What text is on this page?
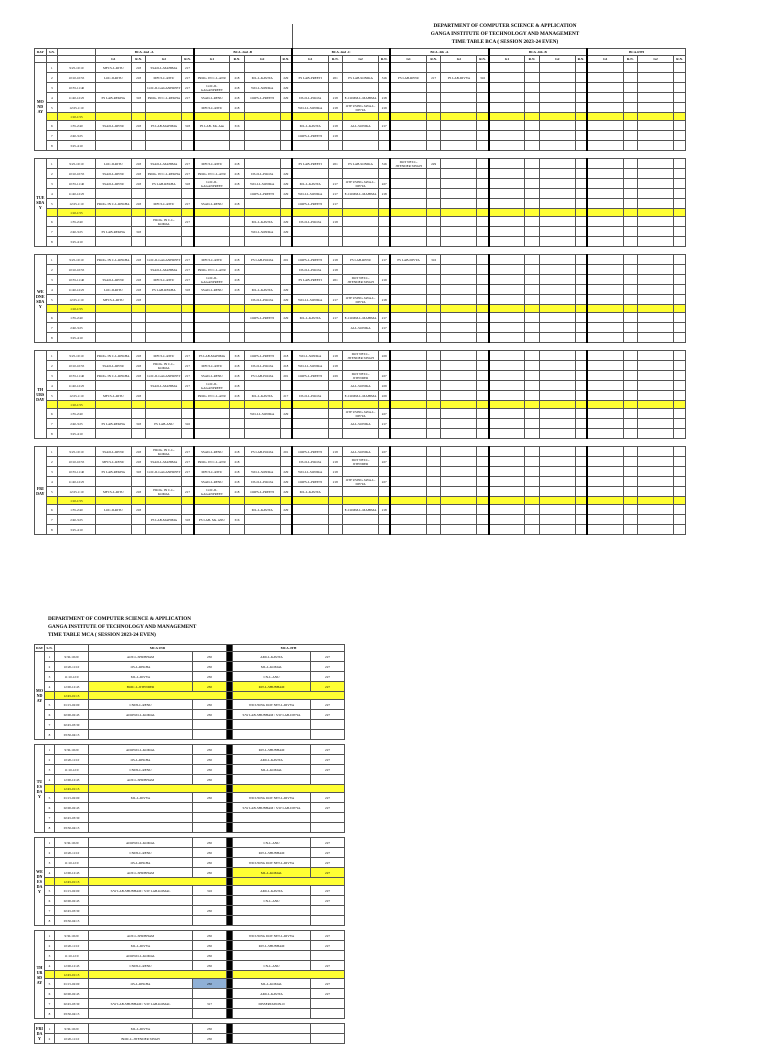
DEPARTMENT OF COMPUTER SCIENCE & APPLICATION
GANGA INSTITUTE OF TECHNOLOGY AND MANAGEMENT
TIME TABLE BCA ( SESSION 2023-24 EVEN)
DAY	S.N.		BCA -2nd -A				BCA -2nd -B				BCA -2nd -C				BCA -4th -A				BCA -4th -B				BCA-6TH			
			G1	R.N.	G2	R.N.	G1	R.N.	G2	R.N.	G1	R.N.	G2	R.N.	G1	R.N.	G2	R.N.	G1	R.N.	G2	R.N.	G1	R.N.	G2	R.N.
MONDAY	1	9:25-10:10	MFCS-I.-RITU	218	SSAD-L-MAHIMA	217																				
	2	10:10-10:55	LOC-II-RITU	218	MFCS-L-RITU	217	PROG. IN C-L-ANU	218	ML-L-KAVITA	229	PS LAB-PREETI	201	PS LAB-SONIKA	316	PS LAB-RENU	217	PS LAB-DIVYA	316								
	3	10:55-11:40			LOC-II-GAGANPREET	217	LOC-II-GAGANPREET	218	WD-L-SONIKA	229																
	4	11:40-12:25	PS LAB-REKHA	318	PROG. IN C-L-REKHA	217	SSAD-L-RENU	218	OOPS-L-PREETI	229	DS-II-L-POOJA	218	E-COMM-L-MAHIMA	218												
	5	12:25-1:10					MFCS-L-RITU	218			WD-LL-SONIKA	218	OTP USING JAVA-L-DIVYA	219												
		1:10-1:55																								
	6	1:55-2:40	SSAD-L-RENU	218	PS LAB-MAHIMA	318	PS LAB- Ms. Anu	316			ML-L-KAVITA	218	AI-L-SONIKA	217												
	7	2:40-3:25									OOPS-L-PREETI	218														
	8	3:25-4:10																								

TUESDAY	1	9:25-10:10	LOC-II-RITU	218	SSAD-L-MAHIMA	217	MFCS-L-RITU	218			PS LAB-PREETI	201	PS LAB-SONIKA	316	DOT NET-L-JITENDER SINGH	229										
	2	10:10-10:55	SSAD-L-RENU	218	PROG. IN C-L-REKHA	217	PROG. IN C-L-ANU	218	DS-II-L-POOJA	229																
	3	10:55-11:40	SSAD-L-RENU	218	PS LAB-REKHA	318	LOC-II-GAGANPREET	218	WD-LL-SONIKA	229	ML-L-KAVITA	217	OTP USING JAVA-L-DIVYA	227												
	4	11:40-12:25							OOPS-L-PREETI	229	WD-LL-SONIKA	217	E-COMM-L-MAHIMA	218												
	5	12:25-1:10	PROG. IN C-L-REKHA	218	MFCS-L-RITU	217	SSAD-L-RENU	218			OOPS-L-PREETI	217														
		1:10-1:55																								
	6	1:55-2:40			PROG. IN C-L-KOMAL	217			ML-L-KAVITA	229	DS-II-L-POOJA	218														
	7	2:40-3:25	PS LAB-REKHA	318					WD-L-SONIKA	229																
	8	3:25-4:10																								

WEDNESDAY	1	9:25-10:10	PROG. IN C-L-REKHA	218	LOC-II-GAGANPREET	217	MFCS-L-RITU	218	PS LAB-POOJA	201	OOPS-L-PREETI	218	PS LAB-RENU	217	PS LAB-DIVYA	316										
	2	10:10-10:55			SSAD-L-MAHIMA	217	PROG. IN C-L-ANU	218			DS-II-L-POOJA	218														
	3	10:55-11:40	SSAD-L-RENU	218	MFCS-L-RITU	217	LOC-II-GAGANPREET	218			PS LAB-PREETI	201	DOT NET-L-JITENDER SINGH	219												
	4	11:40-12:25	LOC-II-RITU	218	PS LAB-REKHA	318	SSAD-L-RENU	218	ML-L-KAVITA	229																
	5	12:25-1:10	MFCS-L-RITU	218					DS-II-L-POOJA	229	WD-LL-SONIKA	217	OTP USING JAVA-L-DIVYA	218												
		1:10-1:55																								
	6	1:55-2:40							OOPS-L-PREETI	229	ML-L-KAVITA	217	E-COMM-L-MAHIMA	217												
	7	2:40-3:25											AI-L-SONIKA	217												
	8	3:25-4:10																								

THURSDAY	1	9:25-10:10	PROG. IN C-L-REKHA	218	MFCS-L-RITU	217	PS LAB-MAHIMA	318	OOPS-L-PREETI	218	WD-L-SONIKA	218	DOT NET-L-JITENDER SINGH	229												
	2	10:10-10:55	SSAD-L-RENU	218	PROG. IN C-L-KOMAL	217	MFCS-L-RITU	218	DS-II-L-POOJA	218	WD-LL-SONIKA	218														
	3	10:55-11:40	PROG. IN C-L-REKHA	218	LOC-II-GAGANPREET	217	SSAD-L-RENU	218	PS LAB-POOJA	201	OOPS-L-PREETI	229	DOT NET-L-JITENDER	227												
	4	11:40-12:25			SSAD-L-MAHIMA	217	LOC-II-GAGANPREET	218					AI-L-SONIKA	229												
	5	12:25-1:10	MFCS-L-RITU	218			PROG. IN C-L-ANU	218	ML-L-KAVITA	217	DS-II-L-POOJA		E-COMM-L-MAHIMA	229												
		1:10-1:55																								
	6	1:55-2:40							WD-LL-SONIKA	229			OTP USING JAVA-L-DIVYA	227												
	7	2:40-3:25	PS LAB-REKHA	318	PS LAB-ANU	316							AI-L-SONIKA	217												
	8	3:25-4:10																								

FRIDAY	1	9:25-10:10	SSAD-L-RENU	218	PROG. IN C-L-KOMAL	217	SSAD-L-RENU	218	PS LAB-POOJA	201	OOPS-L-PREETI	218	AI-L-SONIKA	227												
	2	10:10-10:55	MFCS-L-RENU	218	SSAD-L-MAHIMA	217	PROG. IN C-L-ANU	218			DS-II-L-POOJA	218	DOT NET-L-JITENDER	227												
	3	10:55-11:40	PS LAB-REKHA	318	LOC-II-GAGANPREET	217	MFCS-L-RITU	218	WD-L-SONIKA	229	WD-LL-SONIKA	218														
	4	11:40-12:25					SSAD-L-RENU	218	DS-II-L-POOJA	229	OOPS-L-PREETI	218	OTP USING JAVA-L-DIVYA	227												
	5	12:25-1:10	MFCS-L-RITU	218	PROG. IN C-L-KOMAL	217	LOC-II-GAGANPREET	218	OOPS-L-PREETI	229	ML-L-KAVITA															
		1:10-1:55																								
	6	1:55-2:40	LOC-II-RITU	218					ML-L-KAVITA	229			E-COMM-L-MAHIMA	218												
	7	2:40-3:25			PS LAB-MAHIMA	318	PS LAB- Ms. ANU	316																		
	8	3:25-4:10																								
DEPARTMENT OF COMPUTER SCIENCE & APPLICATION
GANGA INSTITUTE OF TECHNOLOGY AND MANAGEMENT
TIME TABLE MCA ( SESSION 2023-24 EVEN)
DAY	S.N.		MCA 2ND			MCA-4TH	
MONDAY	1	9:30-10:20	AOT-L-SHUBHAM	230		AMI-L-KAVITA	227
	2	10:20-11:10	OS-L-REKHA	230		ML-L-KOMAL	227
	3	11:10-12:0	ML-L-DIVYA	230		CN-L-ANU	227
	4	12:00-12:45	BOIC-L-JITENDER	230		IOT-L-SHUBHAM	227
		12:45-01:15					
	5	01:15-02:00	CNDS-L-RENU	230		WD USING DOT NET-L-DIVYA	227
	6	02:00-02:45	ADOWD-L-KOMAL	230		S/W LAB-SHUBHAM / S/W LAB-DIVYA	227
	7	02:45-03:30					
	8	03:30-04:15					

TUESDAY	1	9:30-10:20	ADOWD-L-KOMAL	230		IOT-L-SHUBHAM	227
	2	10:20-11:10	OS-L-REKHA	230		AMI-L-KAVITA	227
	3	11:10-12:0	CNDS-L-RENU	230		ML-L-KOMAL	227
	4	12:00-12:45	AOT-L-SHUBHAM	230			
		12:45-01:15					
	5	01:15-02:00	ML-L-DIVYA	230		WD USING DOT NET-L-DIVYA	227
	6	02:00-02:45				S/W LAB-SHUBHAM / S/W LAB-DIVYA	227
	7	02:45-03:30					
	8	03:30-04:15					

WEDNESDAY	1	9:30-10:20	ADOWD-L-KOMAL	230		CN-L-ANU	227
	2	10:20-11:10	CNDS-L-RENU	230		IOT-L-SHUBHAM	227
	3	11:10-12:0	OS-L-REKHA	230		WD USING DOT NET-L-DIVYA	227
	4	12:00-12:45	AOT-L-SHUBHAM	230		ML-L-KOMAL	227
		12:45-01:15					
	5	01:15-02:00	S/W LAB-SHUBHAM / S/W LAB-KOMAL	316		AMI-L-KAVITA	227
	6	02:00-02:45				CN-L-ANU	227
	7	02:45-03:30		230			
	8	03:30-04:15					

THURSDAY	1	9:30-10:20	AOT-L-SHUBHAM	230		WD USING DOT NET-L-DIVYA	227
	2	10:20-11:10	ML-L-DIVYA	230		IOT-L-SHUBHAM	227
	3	11:10-12:0	ADOWD-L-KOMAL	230			
	4	12:00-12:45	CNDS-L-RENU	230		CN-L-ANU	227
		12:45-01:15					
	5	01:15-02:00	OS-L-REKHA	230		ML-L-KOMAL	227
	6	02:00-02:45				AMI-L-KAVITA	227
	7	02:45-03:30	S/W LAB-SHUBHAM / S/W LAB-KOMAL	317		DISSERTATION-II	
	8	03:30-04:15					

FRIDAY	1	9:30-10:20	ML-L-DIVYA	230			
	2	10:20-11:10	BOIC-L-JITENDER SINGH	230			
